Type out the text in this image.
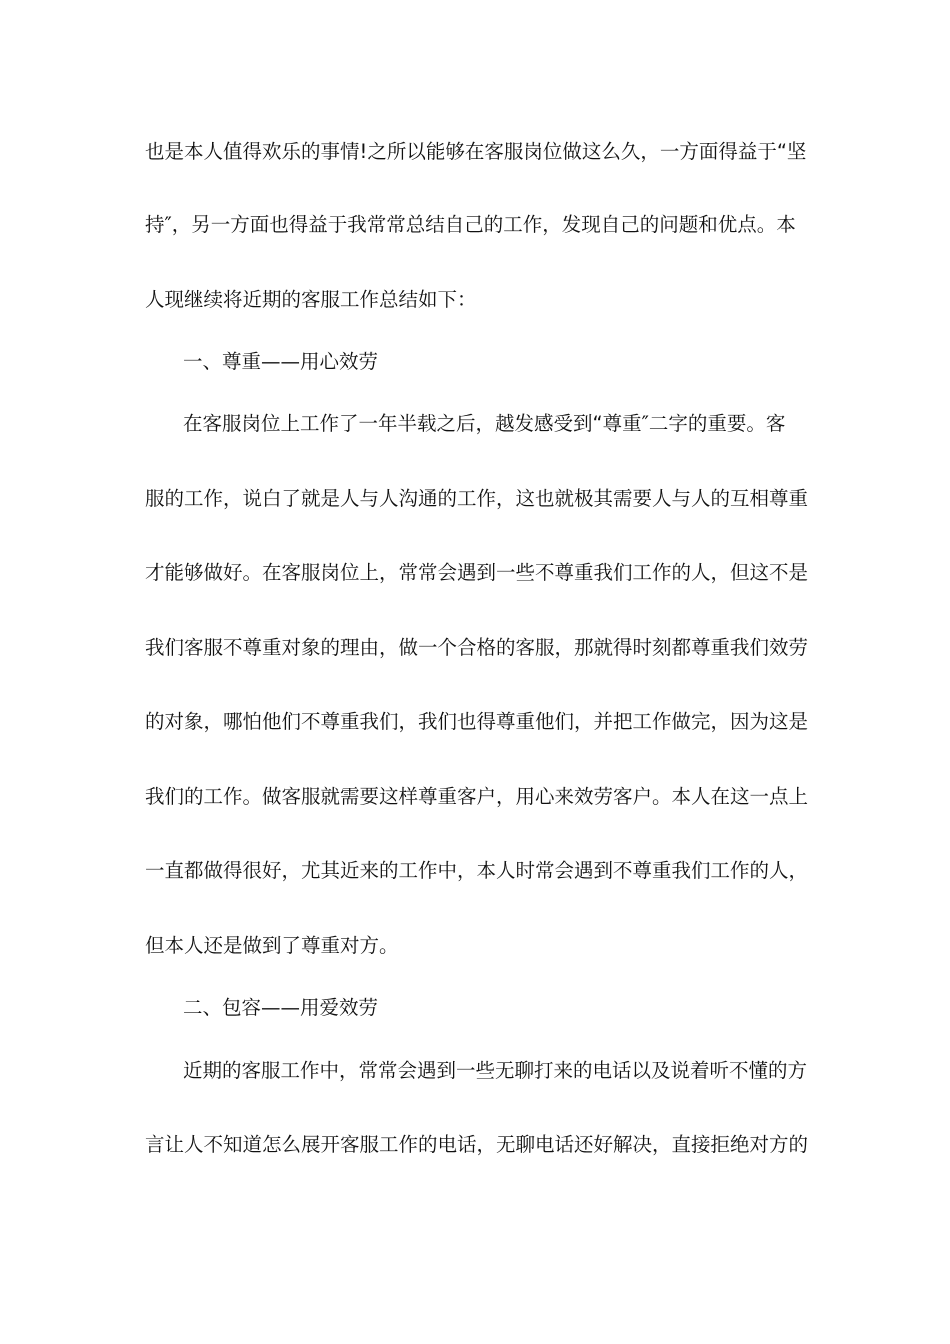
也是本人值得欢乐的事情!之所以能够在客服岗位做这么久，一方面得益于“坚
持″，另一方面也得益于我常常总结自己的工作，发现自己的问题和优点。本
人现继续将近期的客服工作总结如下：
一、尊重——用心效劳
在客服岗位上工作了一年半载之后，越发感受到“尊重″二字的重要。客
服的工作，说白了就是人与人沟通的工作，这也就极其需要人与人的互相尊重
才能够做好。在客服岗位上，常常会遇到一些不尊重我们工作的人，但这不是
我们客服不尊重对象的理由，做一个合格的客服，那就得时刻都尊重我们效劳
的对象，哪怕他们不尊重我们，我们也得尊重他们，并把工作做完，因为这是
我们的工作。做客服就需要这样尊重客户，用心来效劳客户。本人在这一点上
一直都做得很好，尤其近来的工作中，本人时常会遇到不尊重我们工作的人，
但本人还是做到了尊重对方。
二、包容——用爱效劳
近期的客服工作中，常常会遇到一些无聊打来的电话以及说着听不懂的方
言让人不知道怎么展开客服工作的电话，无聊电话还好解决，直接拒绝对方的
